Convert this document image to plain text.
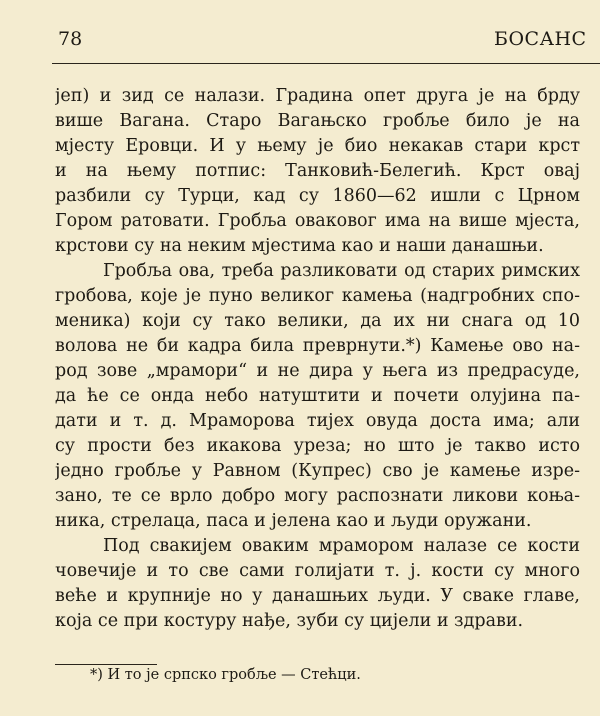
78	БОСАНС
јеп) и зид се налази. Градина опет друга је на брду
више Вагана. Старо Вагањско гробље било је на
мјесту Еровци. И у њему је био некакав стари крст
и на њему потпис: Танковић-Белегић. Крст овај
разбили су Турци, кад су 1860—62 ишли с Црном
Гором ратовати. Гробља оваковог има на више мјеста,
крстови су на неким мјестима као и наши данашњи.
Гробља ова, треба разликовати од старих римских
гробова, које је пуно великог камења (надгробних спо-
меника) који су тако велики, да их ни снага од 10
волова не би кадра била преврнути.*) Камење ово на-
род зове „мрамори“ и не дира у њега из предрасуде,
да ће се онда небо натуштити и почети олујина па-
дати и т. д. Мраморова тијех овуда доста има; али
су прости без икакова уреза; но што је такво исто
једно гробље у Равном (Купрес) сво је камење изре-
зано, те се врло добро могу распознати ликови коња-
ника, стрелаца, паса и јелена као и људи оружани.
Под свакијем оваким мрамором налазе се кости
човечије и то све сами голијати т. ј. кости су много
веће и крупније но у данашњих људи. У сваке главе,
која се при костуру нађе, зуби су цијели и здрави.
*) И то је српско гробље — Стећци.
